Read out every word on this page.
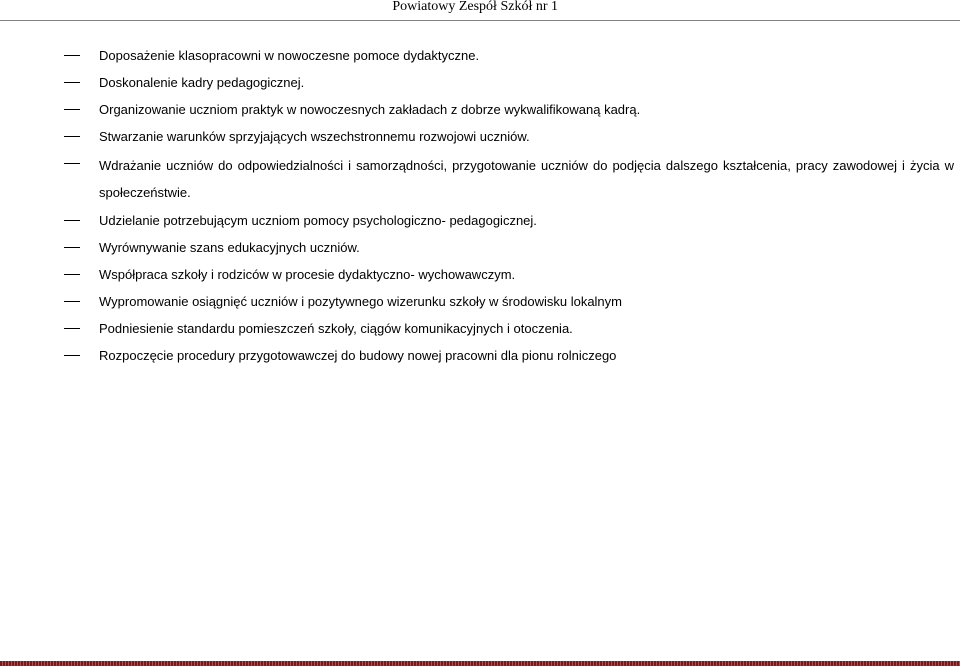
Powiatowy Zespół Szkół nr 1
Doposażenie klasopracowni w nowoczesne pomoce dydaktyczne.
Doskonalenie kadry pedagogicznej.
Organizowanie uczniom praktyk w nowoczesnych zakładach z dobrze wykwalifikowaną kadrą.
Stwarzanie warunków sprzyjających wszechstronnemu rozwojowi uczniów.
Wdrażanie uczniów do odpowiedzialności i samorządności, przygotowanie uczniów do podjęcia dalszego kształcenia, pracy zawodowej i życia w społeczeństwie.
Udzielanie potrzebującym uczniom pomocy psychologiczno- pedagogicznej.
Wyrównywanie szans edukacyjnych uczniów.
Współpraca szkoły i rodziców w procesie dydaktyczno- wychowawczym.
Wypromowanie osiągnięć uczniów i pozytywnego wizerunku szkoły w środowisku lokalnym
Podniesienie standardu pomieszczeń szkoły, ciągów komunikacyjnych i otoczenia.
Rozpoczęcie procedury przygotowawczej do budowy nowej pracowni dla pionu rolniczego
